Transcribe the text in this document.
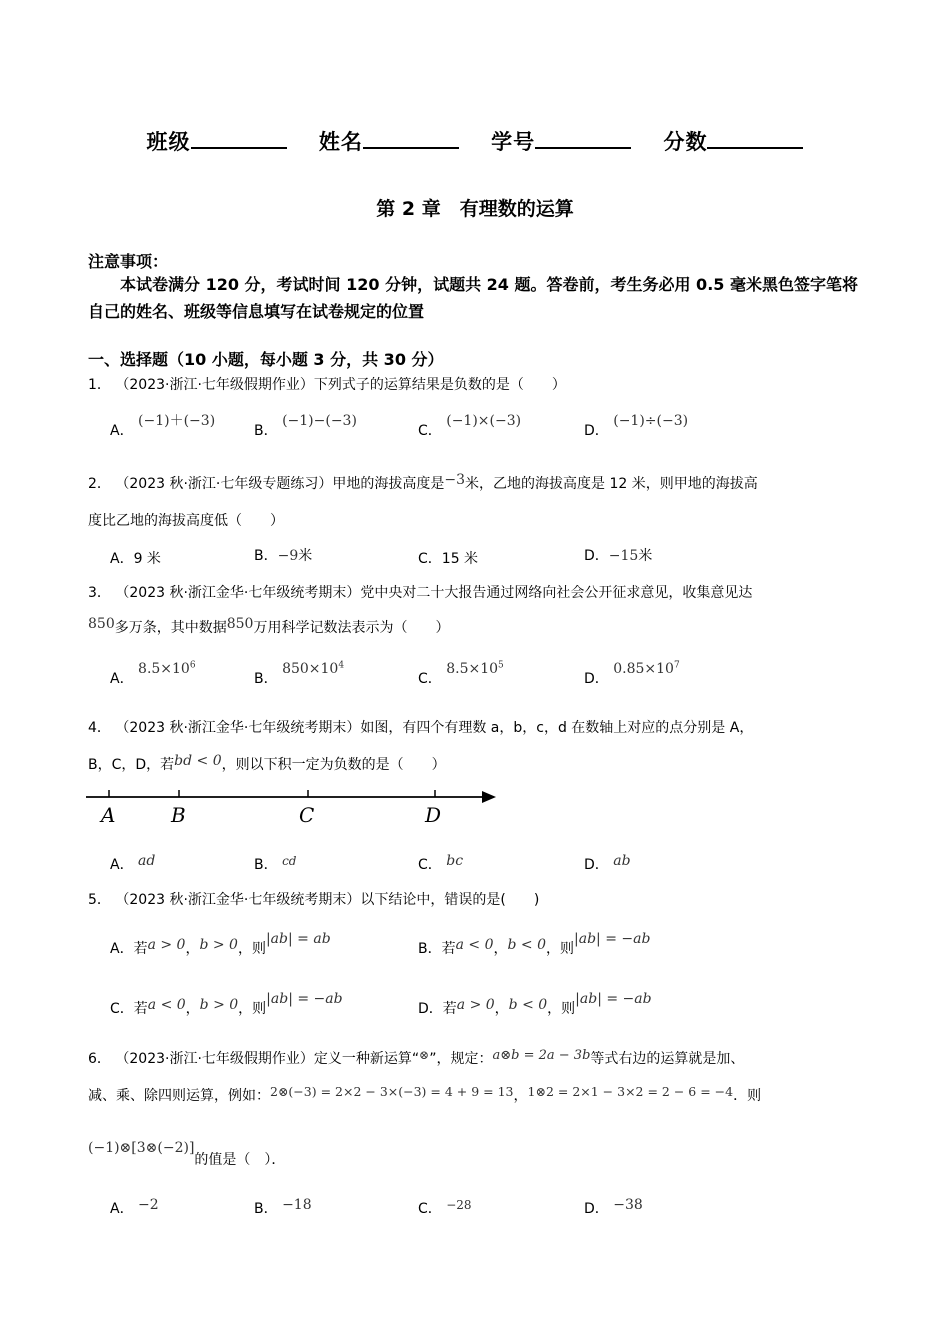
班级	姓名	学号	分数
第 2 章　有理数的运算
注意事项：
本试卷满分 120 分，考试时间 120 分钟，试题共 24 题。答卷前，考生务必用 0.5 毫米黑色签字笔将自己的姓名、班级等信息填写在试卷规定的位置
一、选择题（10 小题，每小题 3 分，共 30 分）
1． （2023·浙江·七年级假期作业）下列式子的运算结果是负数的是（　　）
A． (−1)＋(−3)
B． (−1)−(−3)
C． (−1)×(−3)
D． (−1)÷(−3)
2． （2023 秋·浙江·七年级专题练习）甲地的海拔高度是−3米，乙地的海拔高度是 12 米，则甲地的海拔高
度比乙地的海拔高度低（　　）
A．9 米	B．−9米	C．15 米	D．−15米
3． （2023 秋·浙江金华·七年级统考期末）党中央对二十大报告通过网络向社会公开征求意见，收集意见达
850多万条，其中数据850万用科学记数法表示为（　　）
A． $8.5\times 10^6$
B． $850\times 10^4$
C． $8.5\times 10^5$
D． $0.85\times 10^7$
4． （2023 秋·浙江金华·七年级统考期末）如图，有四个有理数 a，b，c，d 在数轴上对应的点分别是 A，
B，C，D，若bd < 0，则以下积一定为负数的是（　　）
A	B	C	D
A． ad	B． cd	C． bc	D． ab
5． （2023 秋·浙江金华·七年级统考期末）以下结论中，错误的是(　　)
A．若a > 0，b > 0，则|ab| = ab
B．若a < 0，b < 0，则|ab| = −ab
C．若a < 0，b > 0，则|ab| = −ab
D．若a > 0，b < 0，则|ab| = −ab
6． （2023·浙江·七年级假期作业）定义一种新运算“⊗”，规定：a⊗b = 2a − 3b等式右边的运算就是加、
减、乘、除四则运算，例如：2⊗(−3) = 2×2 − 3×(−3) = 4 + 9 = 13，1⊗2 = 2×1 − 3×2 = 2 − 6 = −4．则
(−1)⊗[3⊗(−2)]的值是（　）．
A． −2	B． −18	C． −28	D． −38
